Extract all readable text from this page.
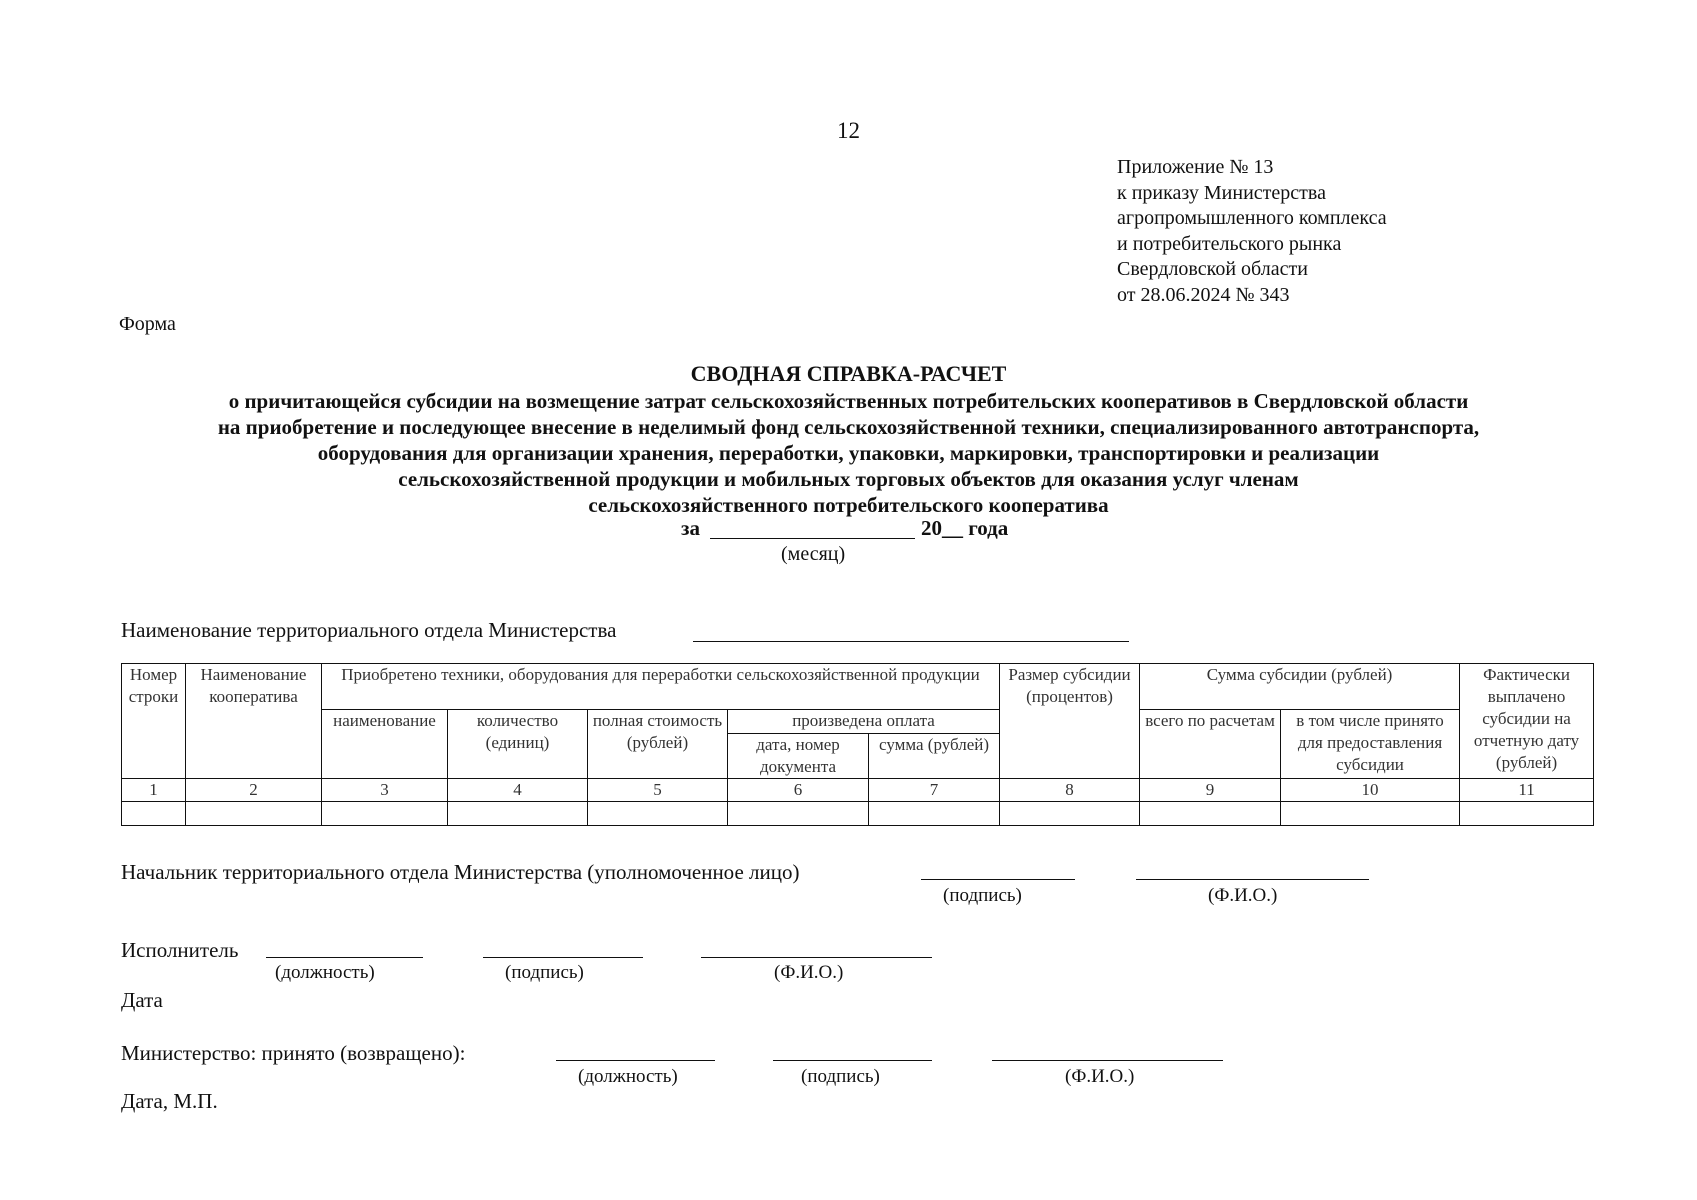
12
Приложение № 13
к приказу Министерства
агропромышленного комплекса
и потребительского рынка
Свердловской области
от 28.06.2024 № 343
Форма
СВОДНАЯ СПРАВКА-РАСЧЕТ
о причитающейся субсидии на возмещение затрат сельскохозяйственных потребительских кооперативов в Свердловской области
на приобретение и последующее внесение в неделимый фонд сельскохозяйственной техники, специализированного автотранспорта,
оборудования для организации хранения, переработки, упаковки, маркировки, транспортировки и реализации
сельскохозяйственной продукции и мобильных торговых объектов для оказания услуг членам
сельскохозяйственного потребительского кооператива
за	20__ года
(месяц)
Наименование территориального отдела Министерства
Номер строки	Наименование кооператива	Приобретено техники, оборудования для переработки сельскохозяйственной продукции					Размер субсидии (процентов)	Сумма субсидии (рублей)		Фактически выплачено субсидии на отчетную дату (рублей)
		наименование	количество (единиц)	полная стоимость (рублей)	произведена оплата			всего по расчетам	в том числе принято для предоставления субсидии	
					дата, номер документа	сумма (рублей)				
1	2	3	4	5	6	7	8	9	10	11

Начальник территориального отдела Министерства (уполномоченное лицо)
(подпись)	(Ф.И.О.)
Исполнитель
(должность)	(подпись)	(Ф.И.О.)
Дата
Министерство: принято (возвращено):
(должность)	(подпись)	(Ф.И.О.)
Дата, М.П.
